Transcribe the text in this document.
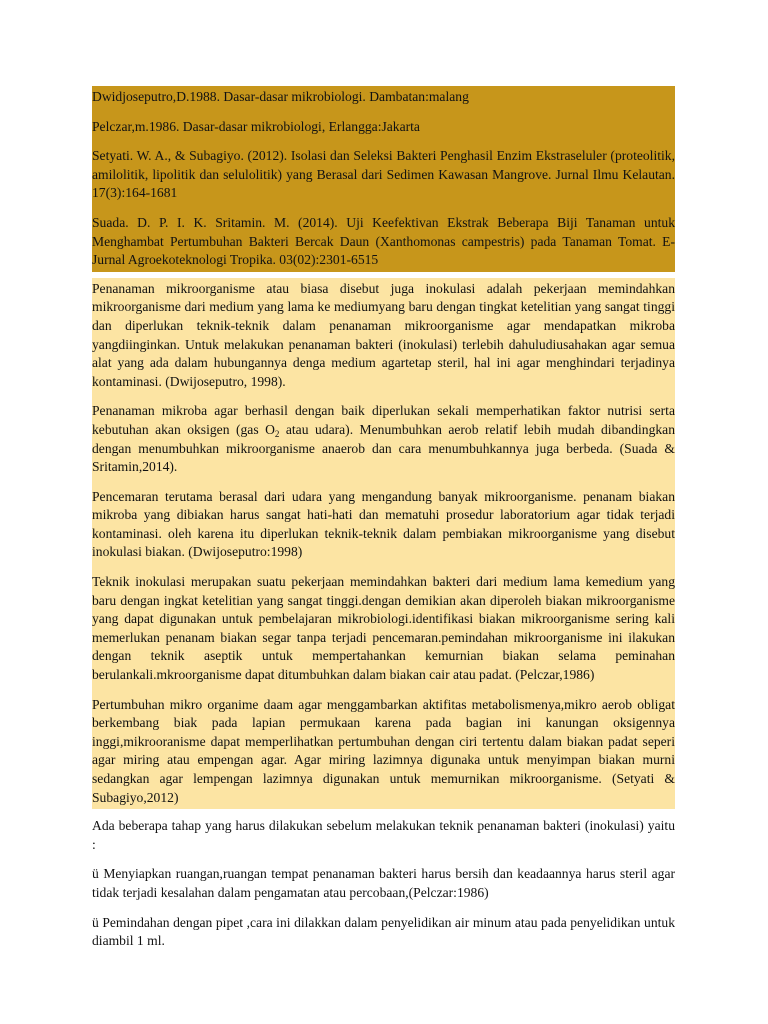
Dwidjoseputro,D.1988. Dasar-dasar mikrobiologi. Dambatan:malang

Pelczar,m.1986. Dasar-dasar mikrobiologi, Erlangga:Jakarta

Setyati. W. A., & Subagiyo. (2012). Isolasi dan Seleksi Bakteri Penghasil Enzim Ekstraseluler (proteolitik, amilolitik, lipolitik dan selulolitik) yang Berasal dari Sedimen Kawasan Mangrove. Jurnal Ilmu Kelautan. 17(3):164-1681

Suada. D. P. I. K. Sritamin. M. (2014). Uji Keefektivan Ekstrak Beberapa Biji Tanaman untuk Menghambat Pertumbuhan Bakteri Bercak Daun (Xanthomonas campestris) pada Tanaman Tomat. E-Jurnal Agroekoteknologi Tropika. 03(02):2301-6515

Penanaman mikroorganisme atau biasa disebut juga inokulasi adalah pekerjaan memindahkan mikroorganisme dari medium yang lama ke mediumyang baru dengan tingkat ketelitian yang sangat tinggi dan diperlukan teknik-teknik dalam penanaman mikroorganisme agar mendapatkan mikroba yangdiinginkan. Untuk melakukan penanaman bakteri (inokulasi) terlebih dahuludiusahakan agar semua alat yang ada dalam hubungannya denga medium agartetap steril, hal ini agar menghindari terjadinya kontaminasi. (Dwijoseputro, 1998).

Penanaman mikroba agar berhasil dengan baik diperlukan sekali memperhatikan faktor nutrisi serta kebutuhan akan oksigen (gas $O_2$ atau udara). Menumbuhkan aerob relatif lebih mudah dibandingkan dengan menumbuhkan mikroorganisme anaerob dan cara menumbuhkannya juga berbeda. (Suada & Sritamin,2014).

Pencemaran terutama berasal dari udara yang mengandung banyak mikroorganisme. penanam biakan mikroba yang dibiakan harus sangat hati-hati dan mematuhi prosedur laboratorium agar tidak terjadi kontaminasi. oleh karena itu diperlukan teknik-teknik dalam pembiakan mikroorganisme yang disebut inokulasi biakan. (Dwijoseputro:1998)

Teknik inokulasi merupakan suatu pekerjaan memindahkan bakteri dari medium lama kemedium yang baru dengan ingkat ketelitian yang sangat tinggi.dengan demikian akan diperoleh biakan mikroorganisme yang dapat digunakan untuk pembelajaran mikrobiologi.identifikasi biakan mikroorganisme sering kali memerlukan penanam biakan segar tanpa terjadi pencemaran.pemindahan mikroorganisme ini ilakukan dengan teknik aseptik untuk mempertahankan kemurnian biakan selama peminahan berulankali.mkroorganisme dapat ditumbuhkan dalam biakan cair atau padat. (Pelczar,1986)

Pertumbuhan mikro organime daam agar menggambarkan aktifitas metabolismenya,mikro aerob obligat berkembang biak pada lapian permukaan karena pada bagian ini kanungan oksigennya inggi,mikrooranisme dapat memperlihatkan pertumbuhan dengan ciri tertentu dalam biakan padat seperi agar miring atau empengan agar. Agar miring lazimnya digunaka untuk menyimpan biakan murni sedangkan agar lempengan lazimnya digunakan untuk memurnikan mikroorganisme. (Setyati & Subagiyo,2012)

Ada beberapa tahap yang harus dilakukan sebelum melakukan teknik penanaman bakteri (inokulasi) yaitu :

ü Menyiapkan ruangan,ruangan tempat penanaman bakteri harus bersih dan keadaannya harus steril agar tidak terjadi kesalahan dalam pengamatan atau percobaan,(Pelczar:1986)

ü Pemindahan dengan pipet ,cara ini dilakkan dalam penyelidikan air minum atau pada penyelidikan untuk diambil 1 ml.
